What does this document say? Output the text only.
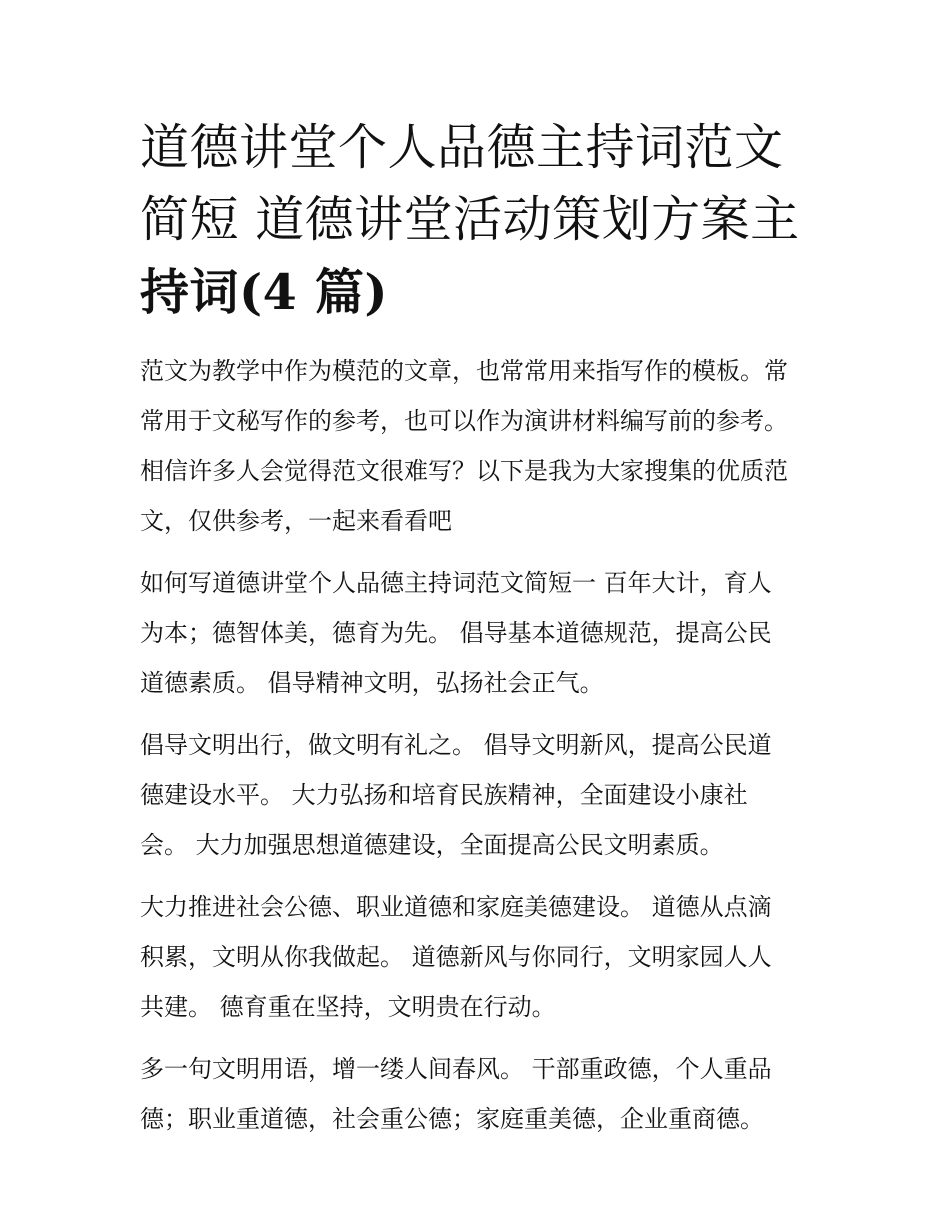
道德讲堂个人品德主持词范文
简短 道德讲堂活动策划方案主
持词(4 篇)

范文为教学中作为模范的文章，也常常用来指写作的模板。常
常用于文秘写作的参考，也可以作为演讲材料编写前的参考。
相信许多人会觉得范文很难写？以下是我为大家搜集的优质范
文，仅供参考，一起来看看吧

如何写道德讲堂个人品德主持词范文简短一 百年大计，育人
为本；德智体美，德育为先。 倡导基本道德规范，提高公民
道德素质。 倡导精神文明，弘扬社会正气。

倡导文明出行，做文明有礼之。 倡导文明新风，提高公民道
德建设水平。 大力弘扬和培育民族精神，全面建设小康社
会。 大力加强思想道德建设，全面提高公民文明素质。

大力推进社会公德、职业道德和家庭美德建设。 道德从点滴
积累，文明从你我做起。 道德新风与你同行，文明家园人人
共建。 德育重在坚持，文明贵在行动。

多一句文明用语，增一缕人间春风。 干部重政德，个人重品
德；职业重道德，社会重公德；家庭重美德，企业重商德。
